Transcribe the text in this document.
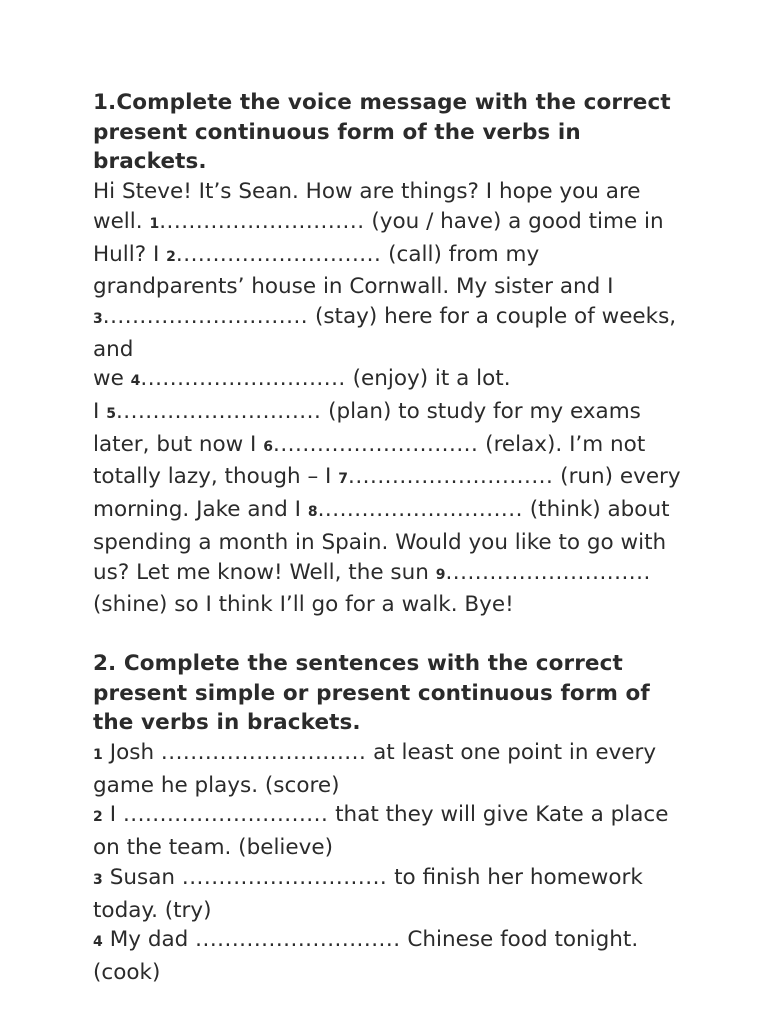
1.Complete the voice message with the correct present continuous form of the verbs in brackets.
Hi Steve! It’s Sean. How are things? I hope you are well. 1............................ (you / have) a good time in Hull? I 2............................ (call) from my grandparents’ house in Cornwall. My sister and I 3............................ (stay) here for a couple of weeks, and
we 4............................ (enjoy) it a lot.
I 5............................ (plan) to study for my exams later, but now I 6............................ (relax). I’m not totally lazy, though – I 7............................ (run) every morning. Jake and I 8............................ (think) about spending a month in Spain. Would you like to go with us? Let me know! Well, the sun 9............................ (shine) so I think I’ll go for a walk. Bye!
2. Complete the sentences with the correct present simple or present continuous form of the verbs in brackets.
1 Josh ............................ at least one point in every game he plays. (score)
2 I ............................ that they will give Kate a place on the team. (believe)
3 Susan ............................ to finish her homework today. (try)
4 My dad ............................ Chinese food tonight. (cook)
